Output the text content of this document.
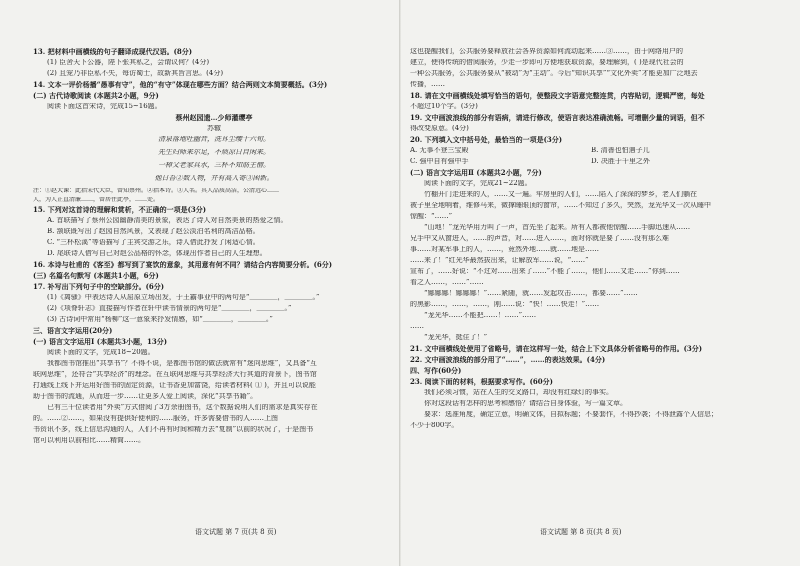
13. 把材料中画横线的句子翻译成现代汉语。(8分)
(1) 臣舍天下公器，陛下张其私之，会谓议何？(4分)
(2) 且宠乃非臣私不失，每访蜀士，故新其旨言思。(4分)
14. 文本一评价杨播“愚事有守”，他的“有守”体现在哪些方面？结合两则文本简要概括。(3分)
(二) 古代诗歌阅读 (本题共2小题，9分)
阅读下面这首宋诗，完成15~16题。
蔡州赵园遗…少师灌缨亭
苏辙
清泉落地吐幽音，洗耳尘缨十六旬。
先生归师来尔足，不烦凉日自闲来。
一棹父老家具水，三杯不知筋主僧。
他日吾②数人物，井有高人寄③困新。
注：①赵大谏：此指宋代大臣，曾知蔡州。②指本诗。③人名。其人品质高洁，公清远心……
人，为人正直清廉……，曾居住此亭，……处。
15. 下列对这首诗的理解和赏析，不正确的一项是(3分)
A. 首联描写了蔡州公园幽静清美的景象，表达了诗人对自然美景的热爱之情。
B. 颔联既写出了赵园自然风景，又表现了赵公淡泊名利的高洁品格。
C. “三杯松溪”等语描写了主宾交游之乐，诗人借此抒发了闲适心情。
D. 尾联诗人借写自己对赵公品格的怀念，体现出作者自己的人生理想。
16. 本诗与杜甫的《客至》都写到了宴饮的意象，其用意有何不同？请结合内容简要分析。(6分)
(三) 名篇名句默写 (本题共1小题，6分)
17. 补写出下列句子中的空缺部分。(6分)
(1)《离骚》中表达诗人从屈原立场出发，于王霸事业中的两句是“＿＿＿＿，＿＿＿＿。”
(2)《项脊轩志》直接描写作者在轩中读书情景的两句是“＿＿＿＿，＿＿＿＿。”
(3) 古诗词中常用“杨柳”这一意象来抒发情感，如“＿＿＿＿，＿＿＿＿。”
三、语言文字运用(20分)
(一) 语言文字运用Ⅰ (本题共3小题，13分)
阅读下面的文字，完成18~20题。
我都图书馆推出“共享书”？不得不说，是都图书馆的做法就常有“迷向思维”，又具备“互
联网思维”，还符合“共享经济”的理念。在互联网思维与共享经济大行其道的背景下，图书馆
打通线上线下并运用好图书的固定资源，让书香更加富饶，给读者材料( ① )，并且可以说能
助于图书的流通，从而进一步……让更多人爱上阅读，深化“共享书籍”。
已有三千位读者用“外卖”方式借阅了3万余册图书，这个数据说明人们的需求是真实存在
的。……②……，如果没有提供好便利的……服务，许多需要借书的人……上图
书资讯不多，线上信息沟通的人，人们不再有时间和精力去“复制”以前的状况了，于是图书
馆可以利用以前相比……精简……。
这也提醒我们，公共服务要释放社会各界资源如何流动起来……③……，由于网络用户的
建立，使得传统的借阅服务，少走一步即可方便地获取资源，要理解到，( )是现代社会的
一种公共服务，公共服务要从“被动”为“主动”。今后“知识共享”“文化外卖”才能更加广泛地去
传播，……
18. 请在文中画横线处填写恰当的语句，使整段文字语意完整连贯，内容贴切，逻辑严密，每处
不超过10个字。(3分)
19. 文中画波浪线的部分有语病，请进行修改，使语言表达准确流畅。可增删少量的词语，但不
得改变原意。(4分)
20. 下列填入文中括号处，最恰当的一项是(3分)
A. 无事不登三宝殿	B. 清善也怕遇子儿
C. 强中自有强中手	D. 决胜于千里之外
(二) 语言文字运用Ⅱ (本题共2小题，7分)
阅读下面的文字，完成21~22题。
竹棚开门走进来的人，……又一遍。牢房里的人们，……陷入了深深的梦乡，老人们躺在
被子里全地响着，维修马来，微撑睡眼顶的窗帘，……不知过了多久，突然，龙光华又一次从睡中
惊醒：“……”
“山地！”龙光华用力叫了一声，首先坐了起来。所有人都被他惊醒……手脚迅速从……
兄手中又从窗进入，……的声音，对……进入……，面对你就是要了……没有那么难
事……对某军事上的人，……，竟然外地……就……地是……
……来了！”红光华最然拔出来，让解放军……说，“……”
宣布了，……好说：“不过对……出来了……”不能了……，他们……又走……”你到……
看之人……，……”……
“娜娜娜！娜娜娜！”……紧随，就……发起攻击……，都要……”……
的黑影……，……，……，刚……说：“快！……快走！”……
“龙光华……不能把……！……”……
……
“龙光华，挺住了！”
21. 文中画横线处使用了省略号，请在这样写一处，结合上下文具体分析省略号的作用。(3分)
22. 文中画波浪线的部分用了“……”，……的表达效果。(4分)
四、写作(60分)
23. 阅读下面的材料，根据要求写作。(60分)
我们必须习惯，站在人生的交叉路口，却没有红绿灯的事实。
你对这段话有怎样的思考和感悟？请结合自身体验，写一篇文章。
要求：选准角度，确定立意，明确文体，自拟标题；不要套作，不得抄袭；不得泄露个人信息；
不少于800字。
语文试题 第 7 页(共 8 页)	语文试题 第 8 页(共 8 页)
